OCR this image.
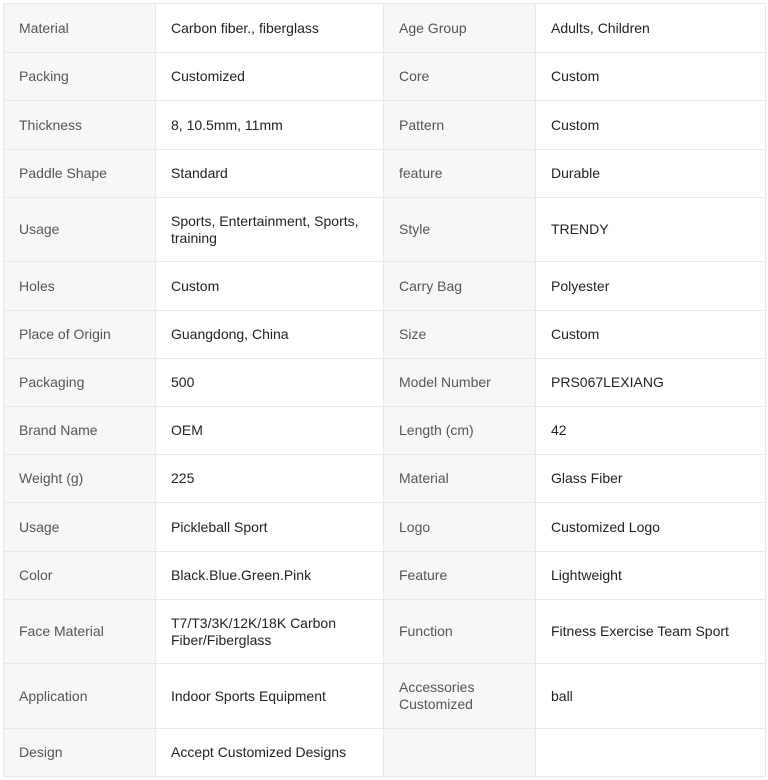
Material	Carbon fiber., fiberglass	Age Group	Adults, Children
Packing	Customized	Core	Custom
Thickness	8, 10.5mm, 11mm	Pattern	Custom
Paddle Shape	Standard	feature	Durable
Usage	Sports, Entertainment, Sports, training	Style	TRENDY
Holes	Custom	Carry Bag	Polyester
Place of Origin	Guangdong, China	Size	Custom
Packaging	500	Model Number	PRS067LEXIANG
Brand Name	OEM	Length (cm)	42
Weight (g)	225	Material	Glass Fiber
Usage	Pickleball Sport	Logo	Customized Logo
Color	Black.Blue.Green.Pink	Feature	Lightweight
Face Material	T7/T3/3K/12K/18K Carbon Fiber/Fiberglass	Function	Fitness Exercise Team Sport
Application	Indoor Sports Equipment	Accessories Customized	ball
Design	Accept Customized Designs		
